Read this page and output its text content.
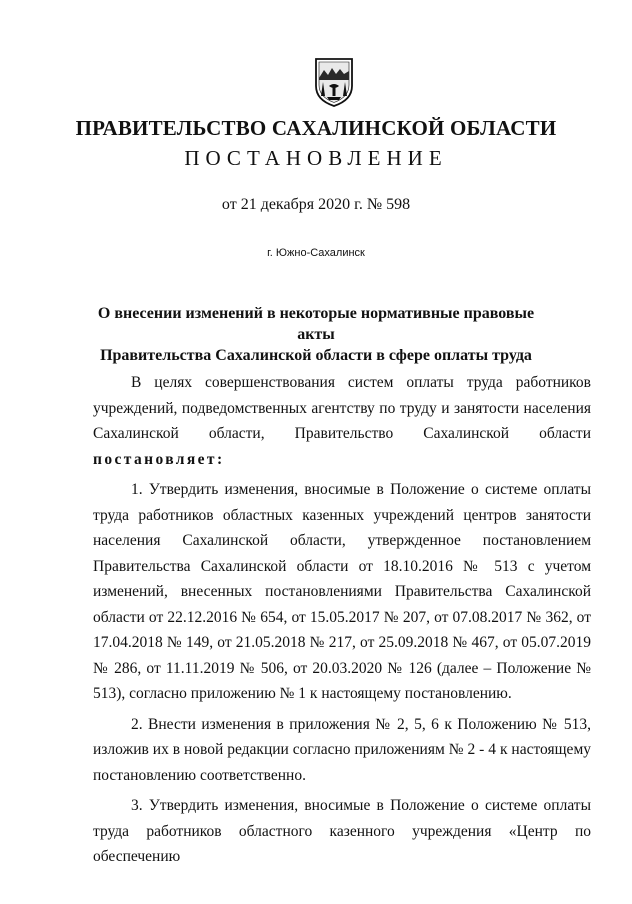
ПРАВИТЕЛЬСТВО САХАЛИНСКОЙ ОБЛАСТИ
ПОСТАНОВЛЕНИЕ
от 21 декабря 2020 г. № 598
г. Южно-Сахалинск
О внесении изменений в некоторые нормативные правовые акты
Правительства Сахалинской области в сфере оплаты труда

В целях совершенствования систем оплаты труда работников учреждений, подведомственных агентству по труду и занятости населения Сахалинской области, Правительство Сахалинской области постановляет:

1. Утвердить изменения, вносимые в Положение о системе оплаты труда работников областных казенных учреждений центров занятости населения Сахалинской области, утвержденное постановлением Правительства Сахалинской области от 18.10.2016 № 513 с учетом изменений, внесенных постановлениями Правительства Сахалинской области от 22.12.2016 № 654, от 15.05.2017 № 207, от 07.08.2017 № 362, от 17.04.2018 № 149, от 21.05.2018 № 217, от 25.09.2018 № 467, от 05.07.2019 № 286, от 11.11.2019 № 506, от 20.03.2020 № 126 (далее – Положение № 513), согласно приложению № 1 к настоящему постановлению.

2. Внести изменения в приложения № 2, 5, 6 к Положению № 513, изложив их в новой редакции согласно приложениям № 2 - 4 к настоящему постановлению соответственно.

3. Утвердить изменения, вносимые в Положение о системе оплаты труда работников областного казенного учреждения «Центр по обеспечению
